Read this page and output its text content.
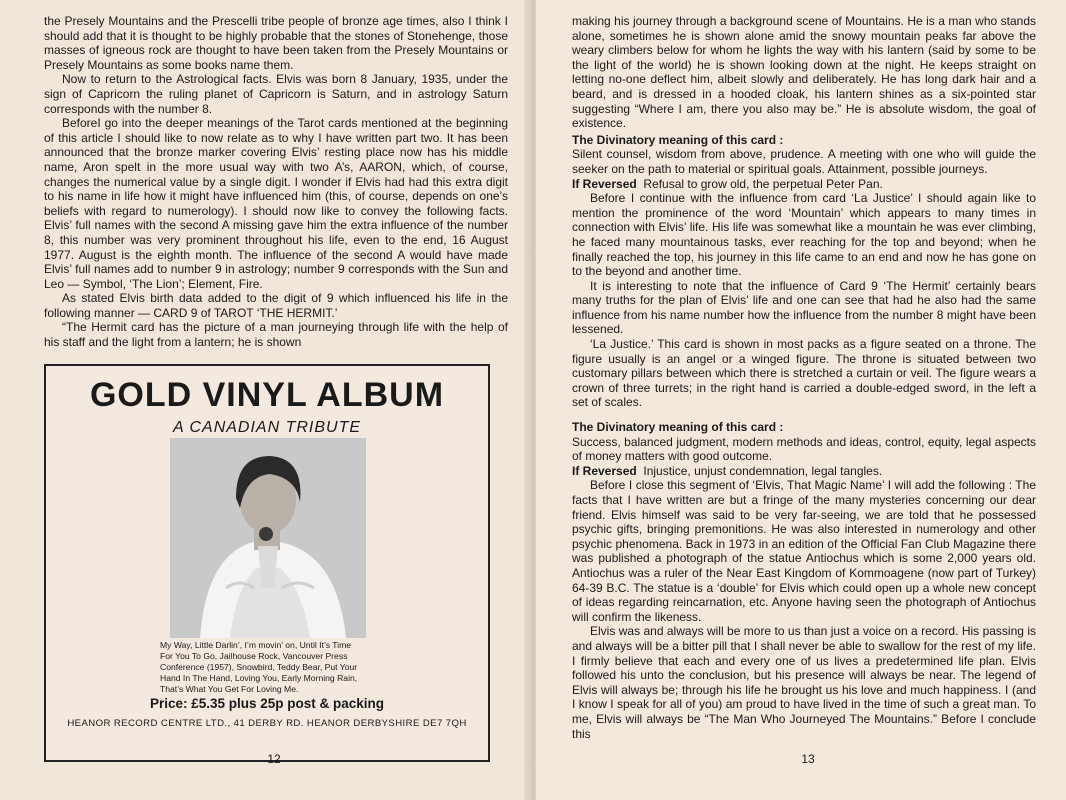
the Presely Mountains and the Prescelli tribe people of bronze age times, also I think I should add that it is thought to be highly probable that the stones of Stonehenge, those masses of igneous rock are thought to have been taken from the Presely Mountains or Presely Mountains as some books name them.

Now to return to the Astrological facts. Elvis was born 8 January, 1935, under the sign of Capricorn the ruling planet of Capricorn is Saturn, and in astrology Saturn corresponds with the number 8.

BeforeI go into the deeper meanings of the Tarot cards mentioned at the beginning of this article I should like to now relate as to why I have written part two. It has been announced that the bronze marker covering Elvis’ resting place now has his middle name, Aron spelt in the more usual way with two A’s, AARON, which, of course, changes the numerical value by a single digit. I wonder if Elvis had had this extra digit to his name in life how it might have influenced him (this, of course, depends on one’s beliefs with regard to numerology). I should now like to convey the following facts. Elvis’ full names with the second A missing gave him the extra influence of the number 8, this number was very prominent throughout his life, even to the end, 16 August 1977. August is the eighth month. The influence of the second A would have made Elvis’ full names add to number 9 in astrology; number 9 corresponds with the Sun and Leo — Symbol, ‘The Lion’; Element, Fire.

As stated Elvis birth data added to the digit of 9 which influenced his life in the following manner — CARD 9 of TAROT ‘THE HERMIT.’

“The Hermit card has the picture of a man journeying through life with the help of his staff and the light from a lantern; he is shown

GOLD VINYL ALBUM
A CANADIAN TRIBUTE
My Way, Little Darlin’, I’m movin’ on, Until It’s Time For You To Go, Jailhouse Rock, Vancouver Press Conference (1957), Snowbird, Teddy Bear, Put Your Hand In The Hand, Loving You, Early Morning Rain, That’s What You Get For Loving Me.
Price: £5.35 plus 25p post & packing
HEANOR RECORD CENTRE LTD., 41 DERBY RD. HEANOR DERBYSHIRE DE7 7QH
12

making his journey through a background scene of Mountains. He is a man who stands alone, sometimes he is shown alone amid the snowy mountain peaks far above the weary climbers below for whom he lights the way with his lantern (said by some to be the light of the world) he is shown looking down at the night. He keeps straight on letting no-one deflect him, albeit slowly and deliberately. He has long dark hair and a beard, and is dressed in a hooded cloak, his lantern shines as a six-pointed star suggesting “Where I am, there you also may be.” He is absolute wisdom, the goal of existence.

The Divinatory meaning of this card :

Silent counsel, wisdom from above, prudence. A meeting with one who will guide the seeker on the path to material or spiritual goals. Attainment, possible journeys.

If Reversed Refusal to grow old, the perpetual Peter Pan.

Before I continue with the influence from card ‘La Justice’ I should again like to mention the prominence of the word ‘Mountain’ which appears to many times in connection with Elvis’ life. His life was somewhat like a mountain he was ever climbing, he faced many mountainous tasks, ever reaching for the top and beyond; when he finally reached the top, his journey in this life came to an end and now he has gone on to the beyond and another time.

It is interesting to note that the influence of Card 9 ‘The Hermit’ certainly bears many truths for the plan of Elvis’ life and one can see that had he also had the same influence from his name number how the influence from the number 8 might have been lessened.

‘La Justice.’ This card is shown in most packs as a figure seated on a throne. The figure usually is an angel or a winged figure. The throne is situated between two customary pillars between which there is stretched a curtain or veil. The figure wears a crown of three turrets; in the right hand is carried a double-edged sword, in the left a set of scales.

The Divinatory meaning of this card :

Success, balanced judgment, modern methods and ideas, control, equity, legal aspects of money matters with good outcome.

If Reversed Injustice, unjust condemnation, legal tangles.

Before I close this segment of ‘Elvis, That Magic Name’ I will add the following : The facts that I have written are but a fringe of the many mysteries concerning our dear friend. Elvis himself was said to be very far-seeing, we are told that he possessed psychic gifts, bringing premonitions. He was also interested in numerology and other psychic phenomena. Back in 1973 in an edition of the Official Fan Club Magazine there was published a photograph of the statue Antiochus which is some 2,000 years old. Antiochus was a ruler of the Near East Kingdom of Kommoagene (now part of Turkey) 64-39 B.C. The statue is a ‘double’ for Elvis which could open up a whole new concept of ideas regarding reincarnation, etc. Anyone having seen the photograph of Antiochus will confirm the likeness.

Elvis was and always will be more to us than just a voice on a record. His passing is and always will be a bitter pill that I shall never be able to swallow for the rest of my life. I firmly believe that each and every one of us lives a predetermined life plan. Elvis followed his unto the conclusion, but his presence will always be near. The legend of Elvis will always be; through his life he brought us his love and much happiness. I (and I know I speak for all of you) am proud to have lived in the time of such a great man. To me, Elvis will always be “The Man Who Journeyed The Mountains.” Before I conclude this

13
